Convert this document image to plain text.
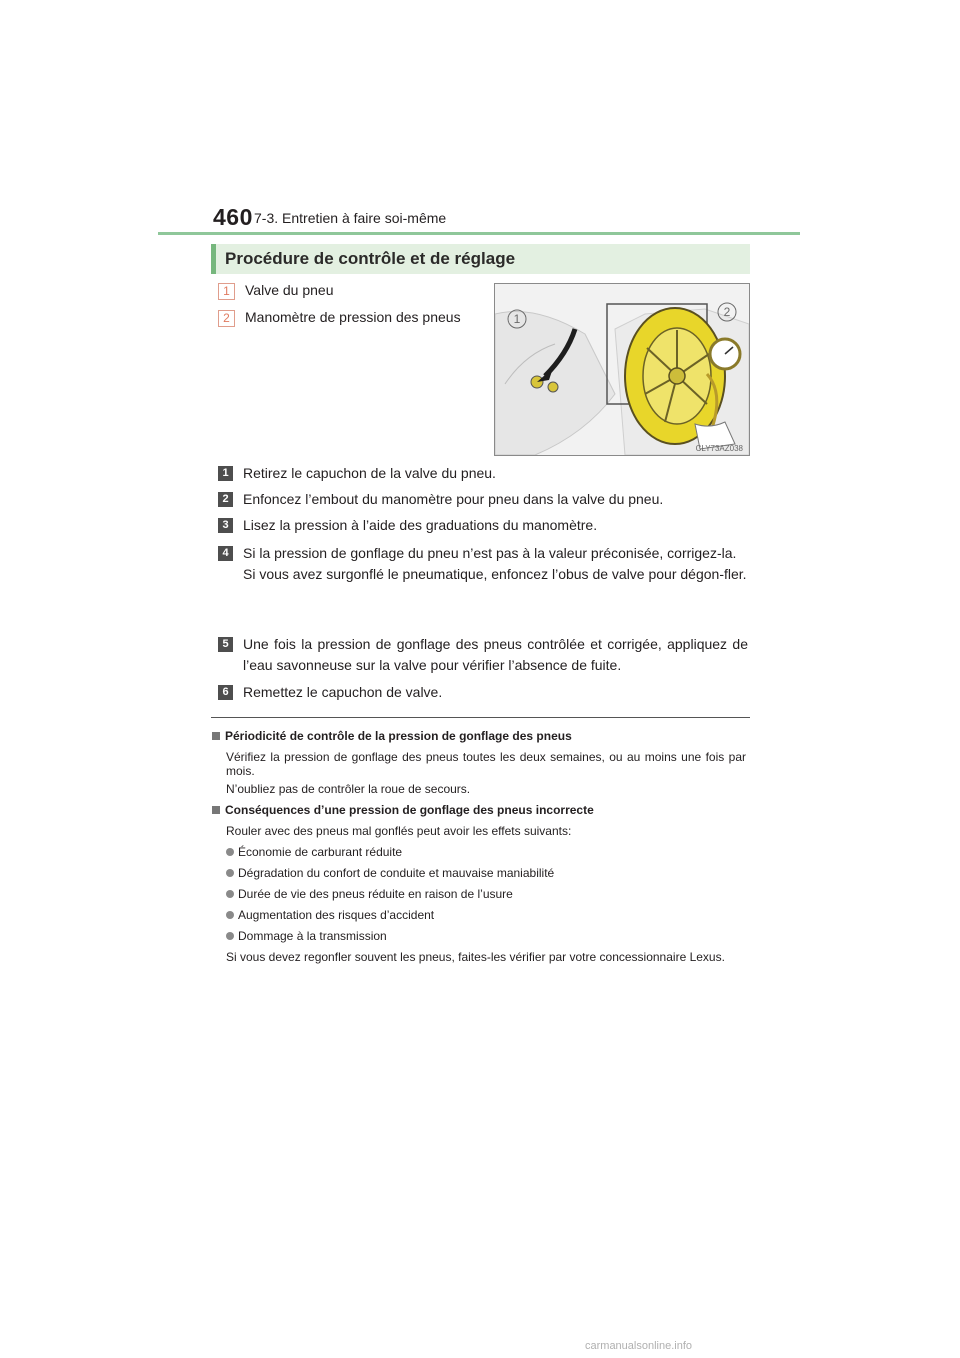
460 7-3. Entretien à faire soi-même
Procédure de contrôle et de réglage
1 Valve du pneu
2 Manomètre de pression des pneus	1	2
CLY73AZ038
1	Retirez le capuchon de la valve du pneu.
2	Enfoncez l’embout du manomètre pour pneu dans la valve du pneu.
3	Lisez la pression à l’aide des graduations du manomètre.
4	Si la pression de gonflage du pneu n’est pas à la valeur préconisée, corrigez-la.
Si vous avez surgonflé le pneumatique, enfoncez l’obus de valve pour dégon-fler.
5	Une fois la pression de gonflage des pneus contrôlée et corrigée, appliquez de l’eau savonneuse sur la valve pour vérifier l’absence de fuite.
6	Remettez le capuchon de valve.
Périodicité de contrôle de la pression de gonflage des pneus
Vérifiez la pression de gonflage des pneus toutes les deux semaines, ou au moins une fois par mois.
N’oubliez pas de contrôler la roue de secours.
Conséquences d’une pression de gonflage des pneus incorrecte
Rouler avec des pneus mal gonflés peut avoir les effets suivants:
Économie de carburant réduite
Dégradation du confort de conduite et mauvaise maniabilité
Durée de vie des pneus réduite en raison de l’usure
Augmentation des risques d’accident
Dommage à la transmission
Si vous devez regonfler souvent les pneus, faites-les vérifier par votre concessionnaire Lexus.
carmanualsonline.info
